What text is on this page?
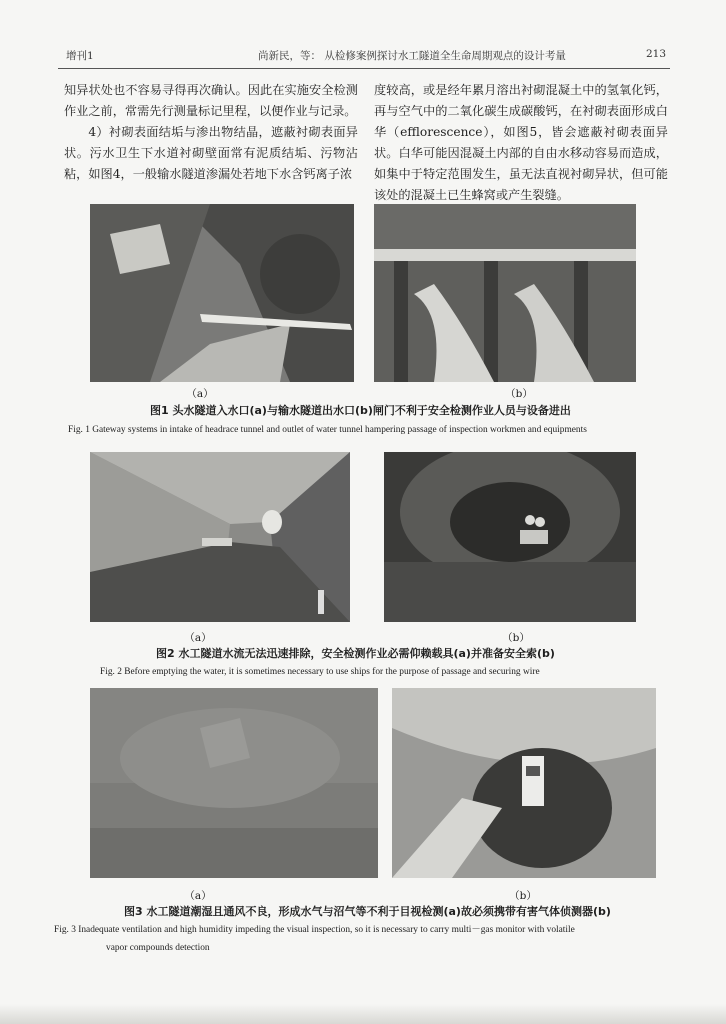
增刊1	尚新民，等： 从检修案例探讨水工隧道全生命周期观点的设计考量	213

知异状处也不容易寻得再次确认。因此在实施安全检测作业之前，常需先行测量标记里程，以便作业与记录。

4）衬砌表面结垢与渗出物结晶，遮蔽衬砌表面异状。污水卫生下水道衬砌壁面常有泥质结垢、污物沾粘，如图4，一般输水隧道渗漏处若地下水含钙离子浓

度较高，或是经年累月溶出衬砌混凝土中的氢氧化钙，再与空气中的二氧化碳生成碳酸钙，在衬砌表面形成白华（efflorescence），如图5，皆会遮蔽衬砌表面异状。白华可能因混凝土内部的自由水移动容易而造成，如集中于特定范围发生，虽无法直视衬砌异状，但可能该处的混凝土已生蜂窝或产生裂缝。

（a）	（b）
图1 头水隧道入水口(a)与输水隧道出水口(b)闸门不利于安全检测作业人员与设备进出
Fig. 1 Gateway systems in intake of headrace tunnel and outlet of water tunnel hampering passage of inspection workmen and equipments
（a）	（b）
图2 水工隧道水流无法迅速排除，安全检测作业必需仰赖载具(a)并准备安全索(b)
Fig. 2 Before emptying the water, it is sometimes necessary to use ships for the purpose of passage and securing wire
（a）	（b）
图3 水工隧道潮湿且通风不良，形成水气与沼气等不利于目视检测(a)故必须携带有害气体侦测器(b)
Fig. 3 Inadequate ventilation and high humidity impeding the visual inspection, so it is necessary to carry multi－gas monitor with volatile
vapor compounds detection
